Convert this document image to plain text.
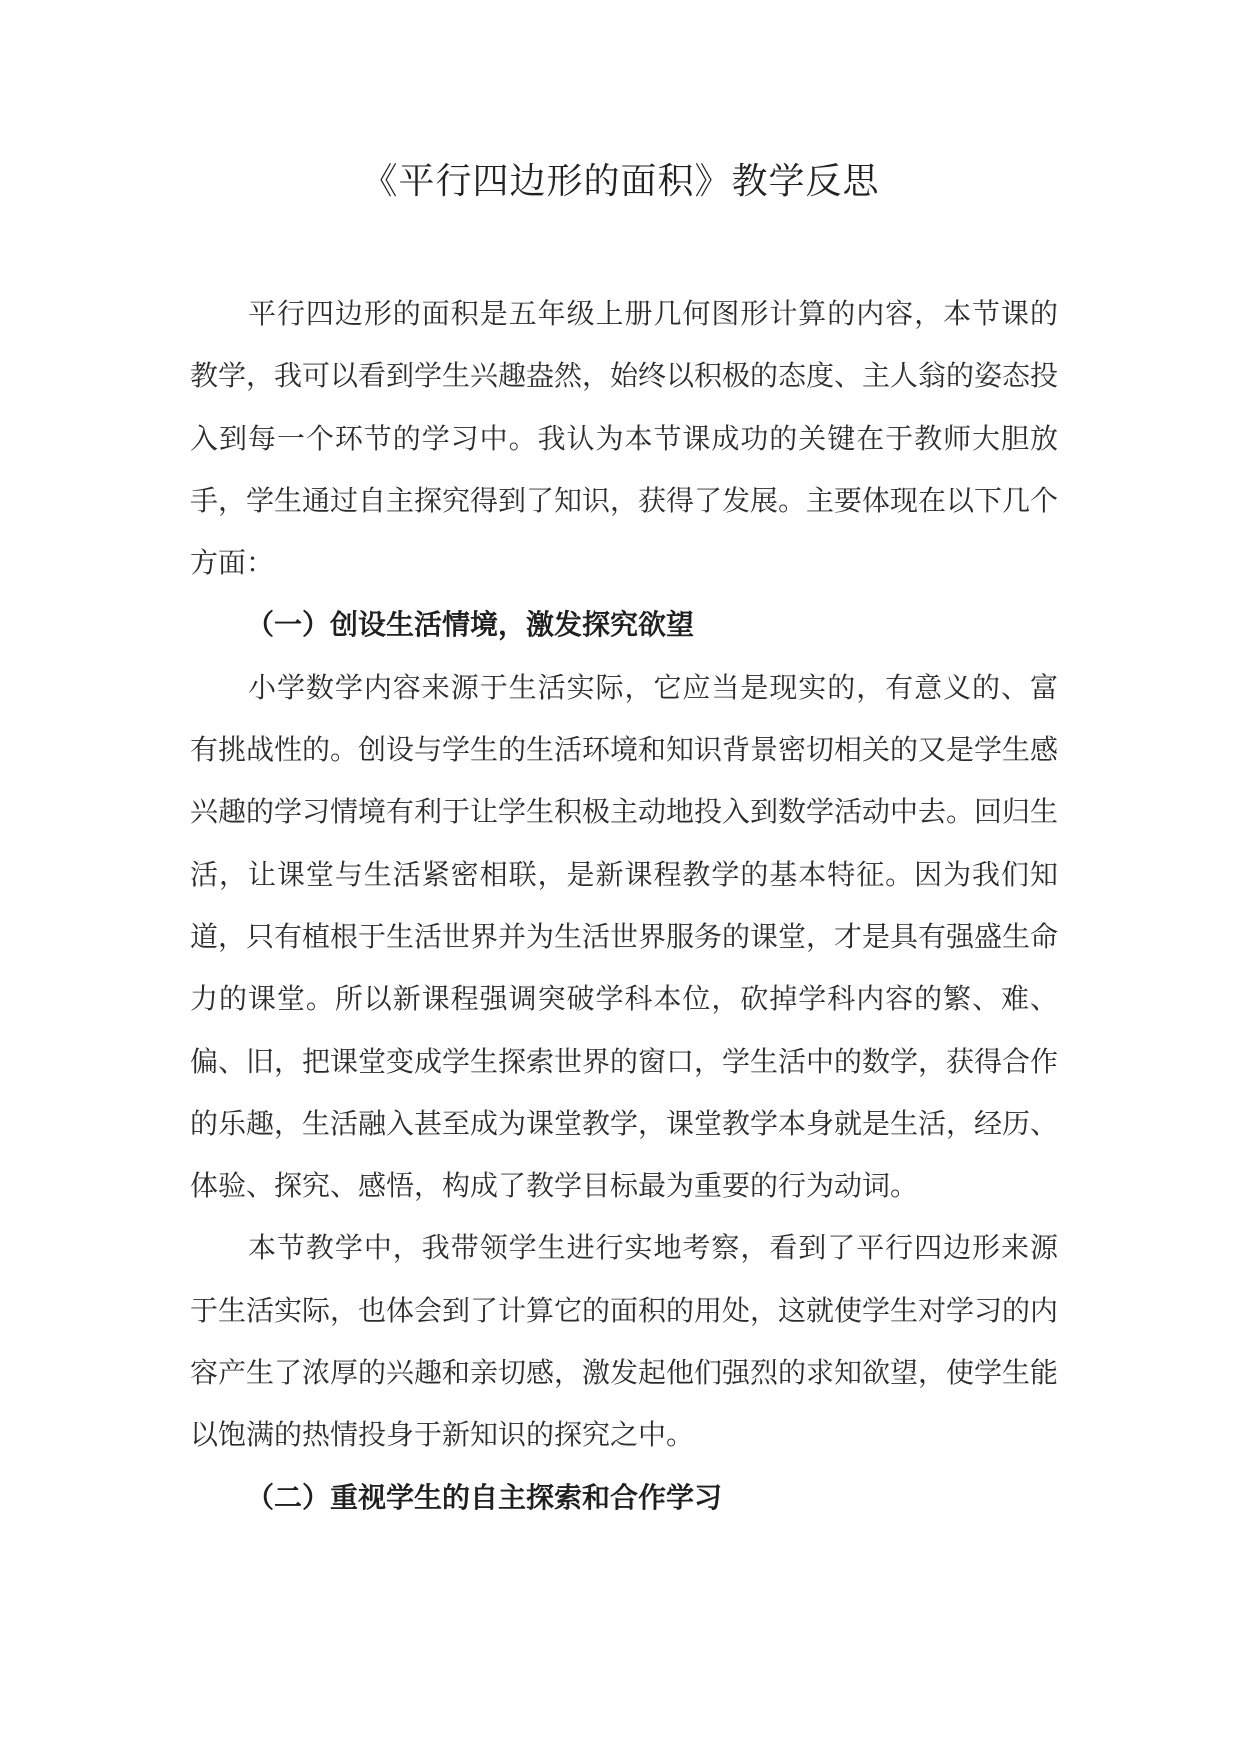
《平行四边形的面积》教学反思

平行四边形的面积是五年级上册几何图形计算的内容，本节课的教学，我可以看到学生兴趣盎然，始终以积极的态度、主人翁的姿态投入到每一个环节的学习中。我认为本节课成功的关键在于教师大胆放手，学生通过自主探究得到了知识，获得了发展。主要体现在以下几个方面：

（一）创设生活情境，激发探究欲望

小学数学内容来源于生活实际，它应当是现实的，有意义的、富有挑战性的。创设与学生的生活环境和知识背景密切相关的又是学生感兴趣的学习情境有利于让学生积极主动地投入到数学活动中去。回归生活，让课堂与生活紧密相联，是新课程教学的基本特征。因为我们知道，只有植根于生活世界并为生活世界服务的课堂，才是具有强盛生命力的课堂。所以新课程强调突破学科本位，砍掉学科内容的繁、难、偏、旧，把课堂变成学生探索世界的窗口，学生活中的数学，获得合作的乐趣，生活融入甚至成为课堂教学，课堂教学本身就是生活，经历、体验、探究、感悟，构成了教学目标最为重要的行为动词。

本节教学中，我带领学生进行实地考察，看到了平行四边形来源于生活实际，也体会到了计算它的面积的用处，这就使学生对学习的内容产生了浓厚的兴趣和亲切感，激发起他们强烈的求知欲望，使学生能以饱满的热情投身于新知识的探究之中。

（二）重视学生的自主探索和合作学习
